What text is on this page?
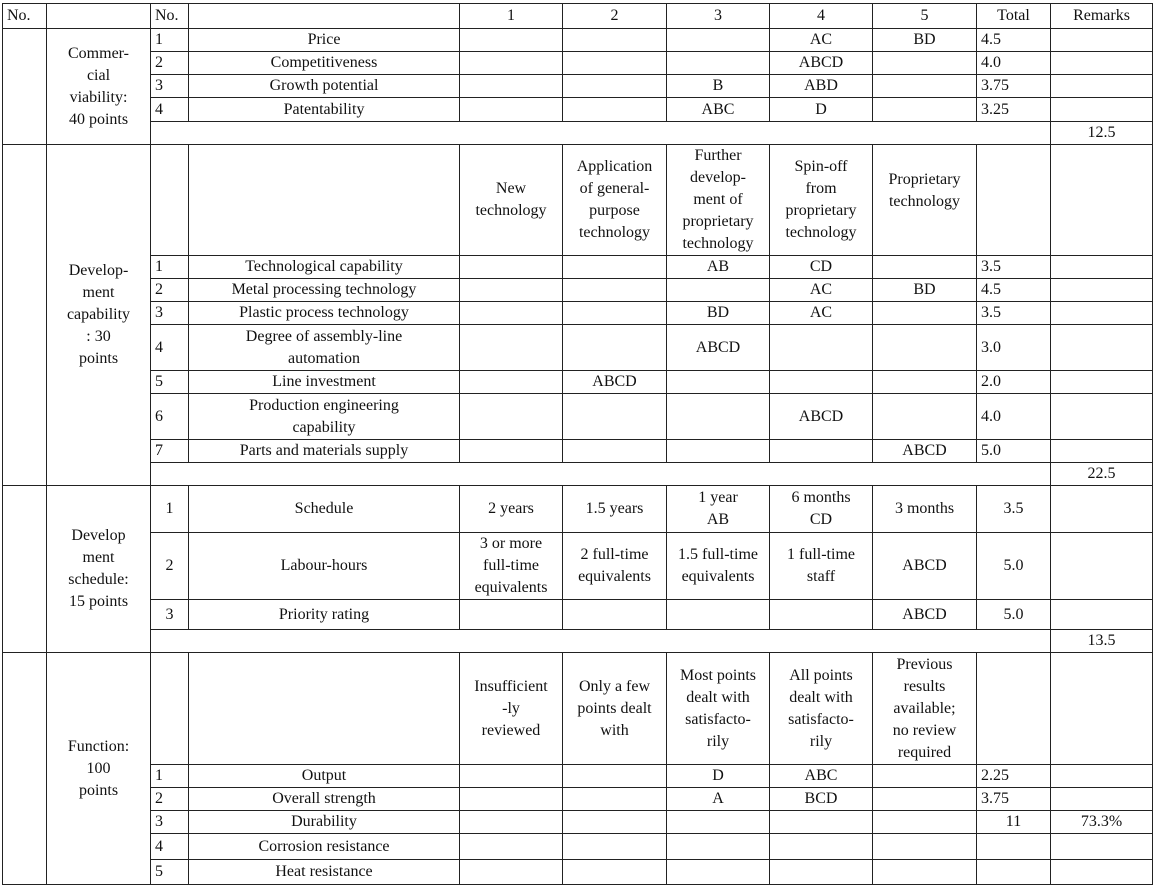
No.		No.		1	2	3	4	5	Total	Remarks	
	Commer-
cial
viability:
40 points	1	Price				AC	BD	4.5		
		2	Competitiveness				ABCD		4.0		
		3	Growth potential			B	ABD		3.75		
		4	Patentability			ABC	D		3.25		
										12.5	
	Develop-
ment
capability
: 30
points			New
technology	Application
of general-
purpose
technology	Further
develop-
ment of
proprietary
technology	Spin-off
from
proprietary
technology	Proprietary
technology			
		1	Technological capability			AB	CD		3.5		
		2	Metal processing technology				AC	BD	4.5		
		3	Plastic process technology			BD	AC		3.5		
		4	Degree of assembly-line
automation			ABCD			3.0		
		5	Line investment		ABCD				2.0		
		6	Production engineering
capability				ABCD		4.0		
		7	Parts and materials supply					ABCD	5.0		
										22.5	
	Develop
ment
schedule:
15 points	1	Schedule	2 years	1.5 years	1 year
AB	6 months
CD	3 months	3.5		
		2	Labour-hours	3 or more
full-time
equivalents	2 full-time
equivalents	1.5 full-time
equivalents	1 full-time
staff	ABCD	5.0		
		3	Priority rating					ABCD	5.0		
										13.5	
	Function:
100
points			Insufficient
-ly
reviewed	Only a few
points dealt
with	Most points
dealt with
satisfacto-
rily	All points
dealt with
satisfacto-
rily	Previous
results
available;
no review
required			
		1	Output			D	ABC		2.25		
		2	Overall strength			A	BCD		3.75		
		3	Durability						11	73.3%	
		4	Corrosion resistance								
		5	Heat resistance								
